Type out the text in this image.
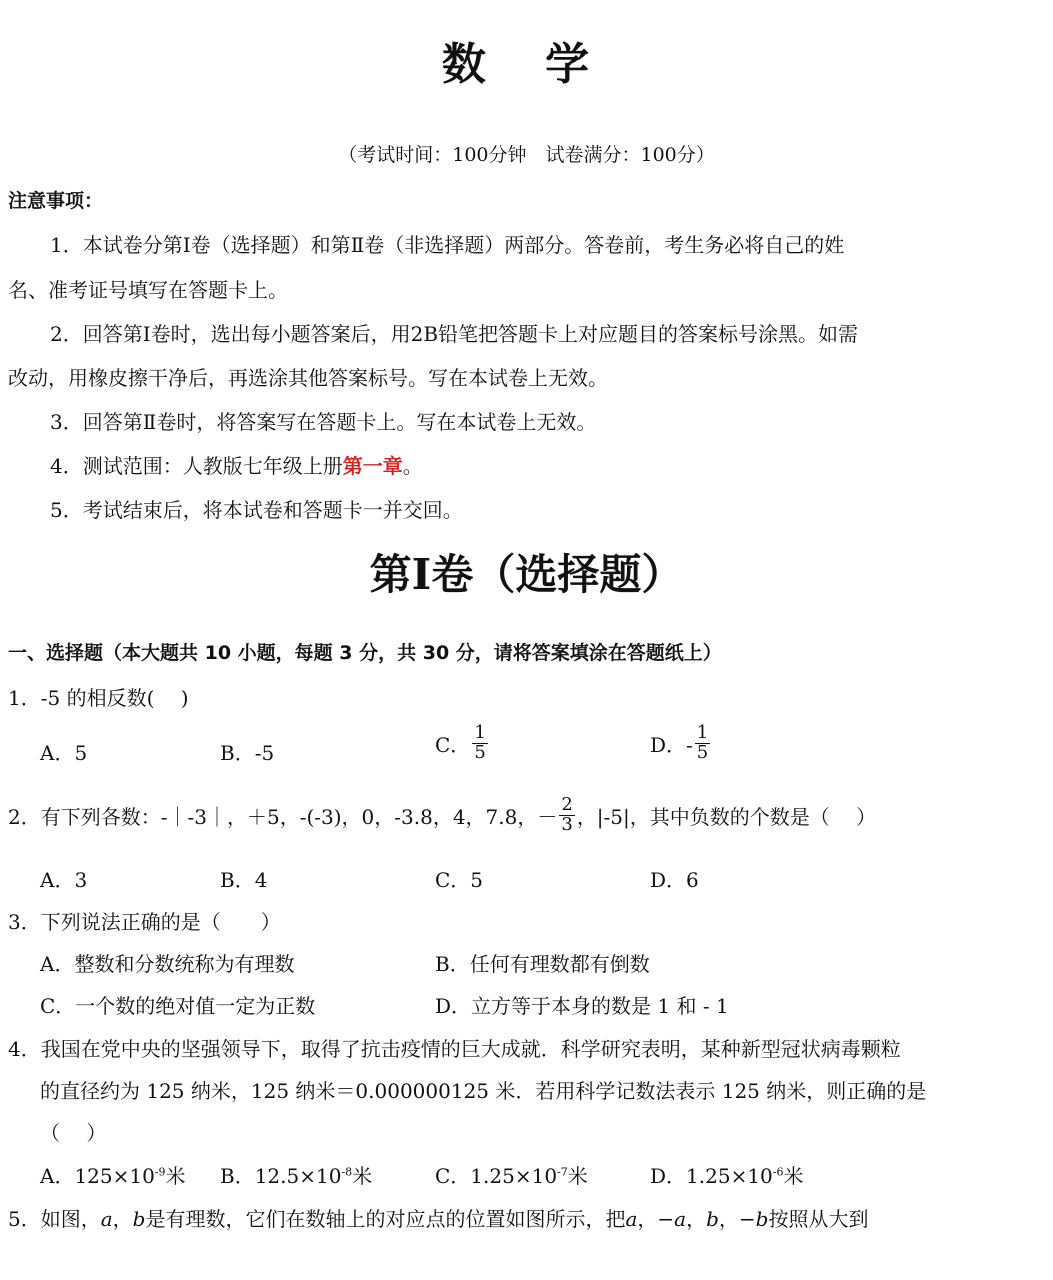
数 学
（考试时间：100分钟　试卷满分：100分）
注意事项：
1．本试卷分第Ⅰ卷（选择题）和第Ⅱ卷（非选择题）两部分。答卷前，考生务必将自己的姓
名、准考证号填写在答题卡上。
2．回答第Ⅰ卷时，选出每小题答案后，用2B铅笔把答题卡上对应题目的答案标号涂黑。如需
改动，用橡皮擦干净后，再选涂其他答案标号。写在本试卷上无效。
3．回答第Ⅱ卷时，将答案写在答题卡上。写在本试卷上无效。
4．测试范围：人教版七年级上册第一章。
5．考试结束后，将本试卷和答题卡一并交回。
第Ⅰ卷（选择题）
一、选择题（本大题共 10 小题，每题 3 分，共 30 分，请将答案填涂在答题纸上）
1．-5 的相反数(　 )
A．5	B．-5	C． $\frac{1}{5}$	D．- $\frac{1}{5}$
2．有下列各数：-｜-3｜，＋5，-(-3)，0，-3.8，4，7.8，－ $\frac{2}{3}$ ，|-5|，其中负数的个数是（　 ）
A．3	B．4	C．5	D．6
3．下列说法正确的是（　　）
A．整数和分数统称为有理数	B．任何有理数都有倒数
C．一个数的绝对值一定为正数	D．立方等于本身的数是 1 和 - 1
4．我国在党中央的坚强领导下，取得了抗击疫情的巨大成就．科学研究表明，某种新型冠状病毒颗粒
的直径约为 125 纳米，125 纳米＝0.000000125 米．若用科学记数法表示 125 纳米，则正确的是
（　 ）
A．$125\times 10^{-9}$米 B．$12.5\times 10^{-8}$米	C．$1.25\times 10^{-7}$米	D．$1.25\times 10^{-6}$米
5．如图，a，b是有理数，它们在数轴上的对应点的位置如图所示，把a，−a，b，−b按照从大到
